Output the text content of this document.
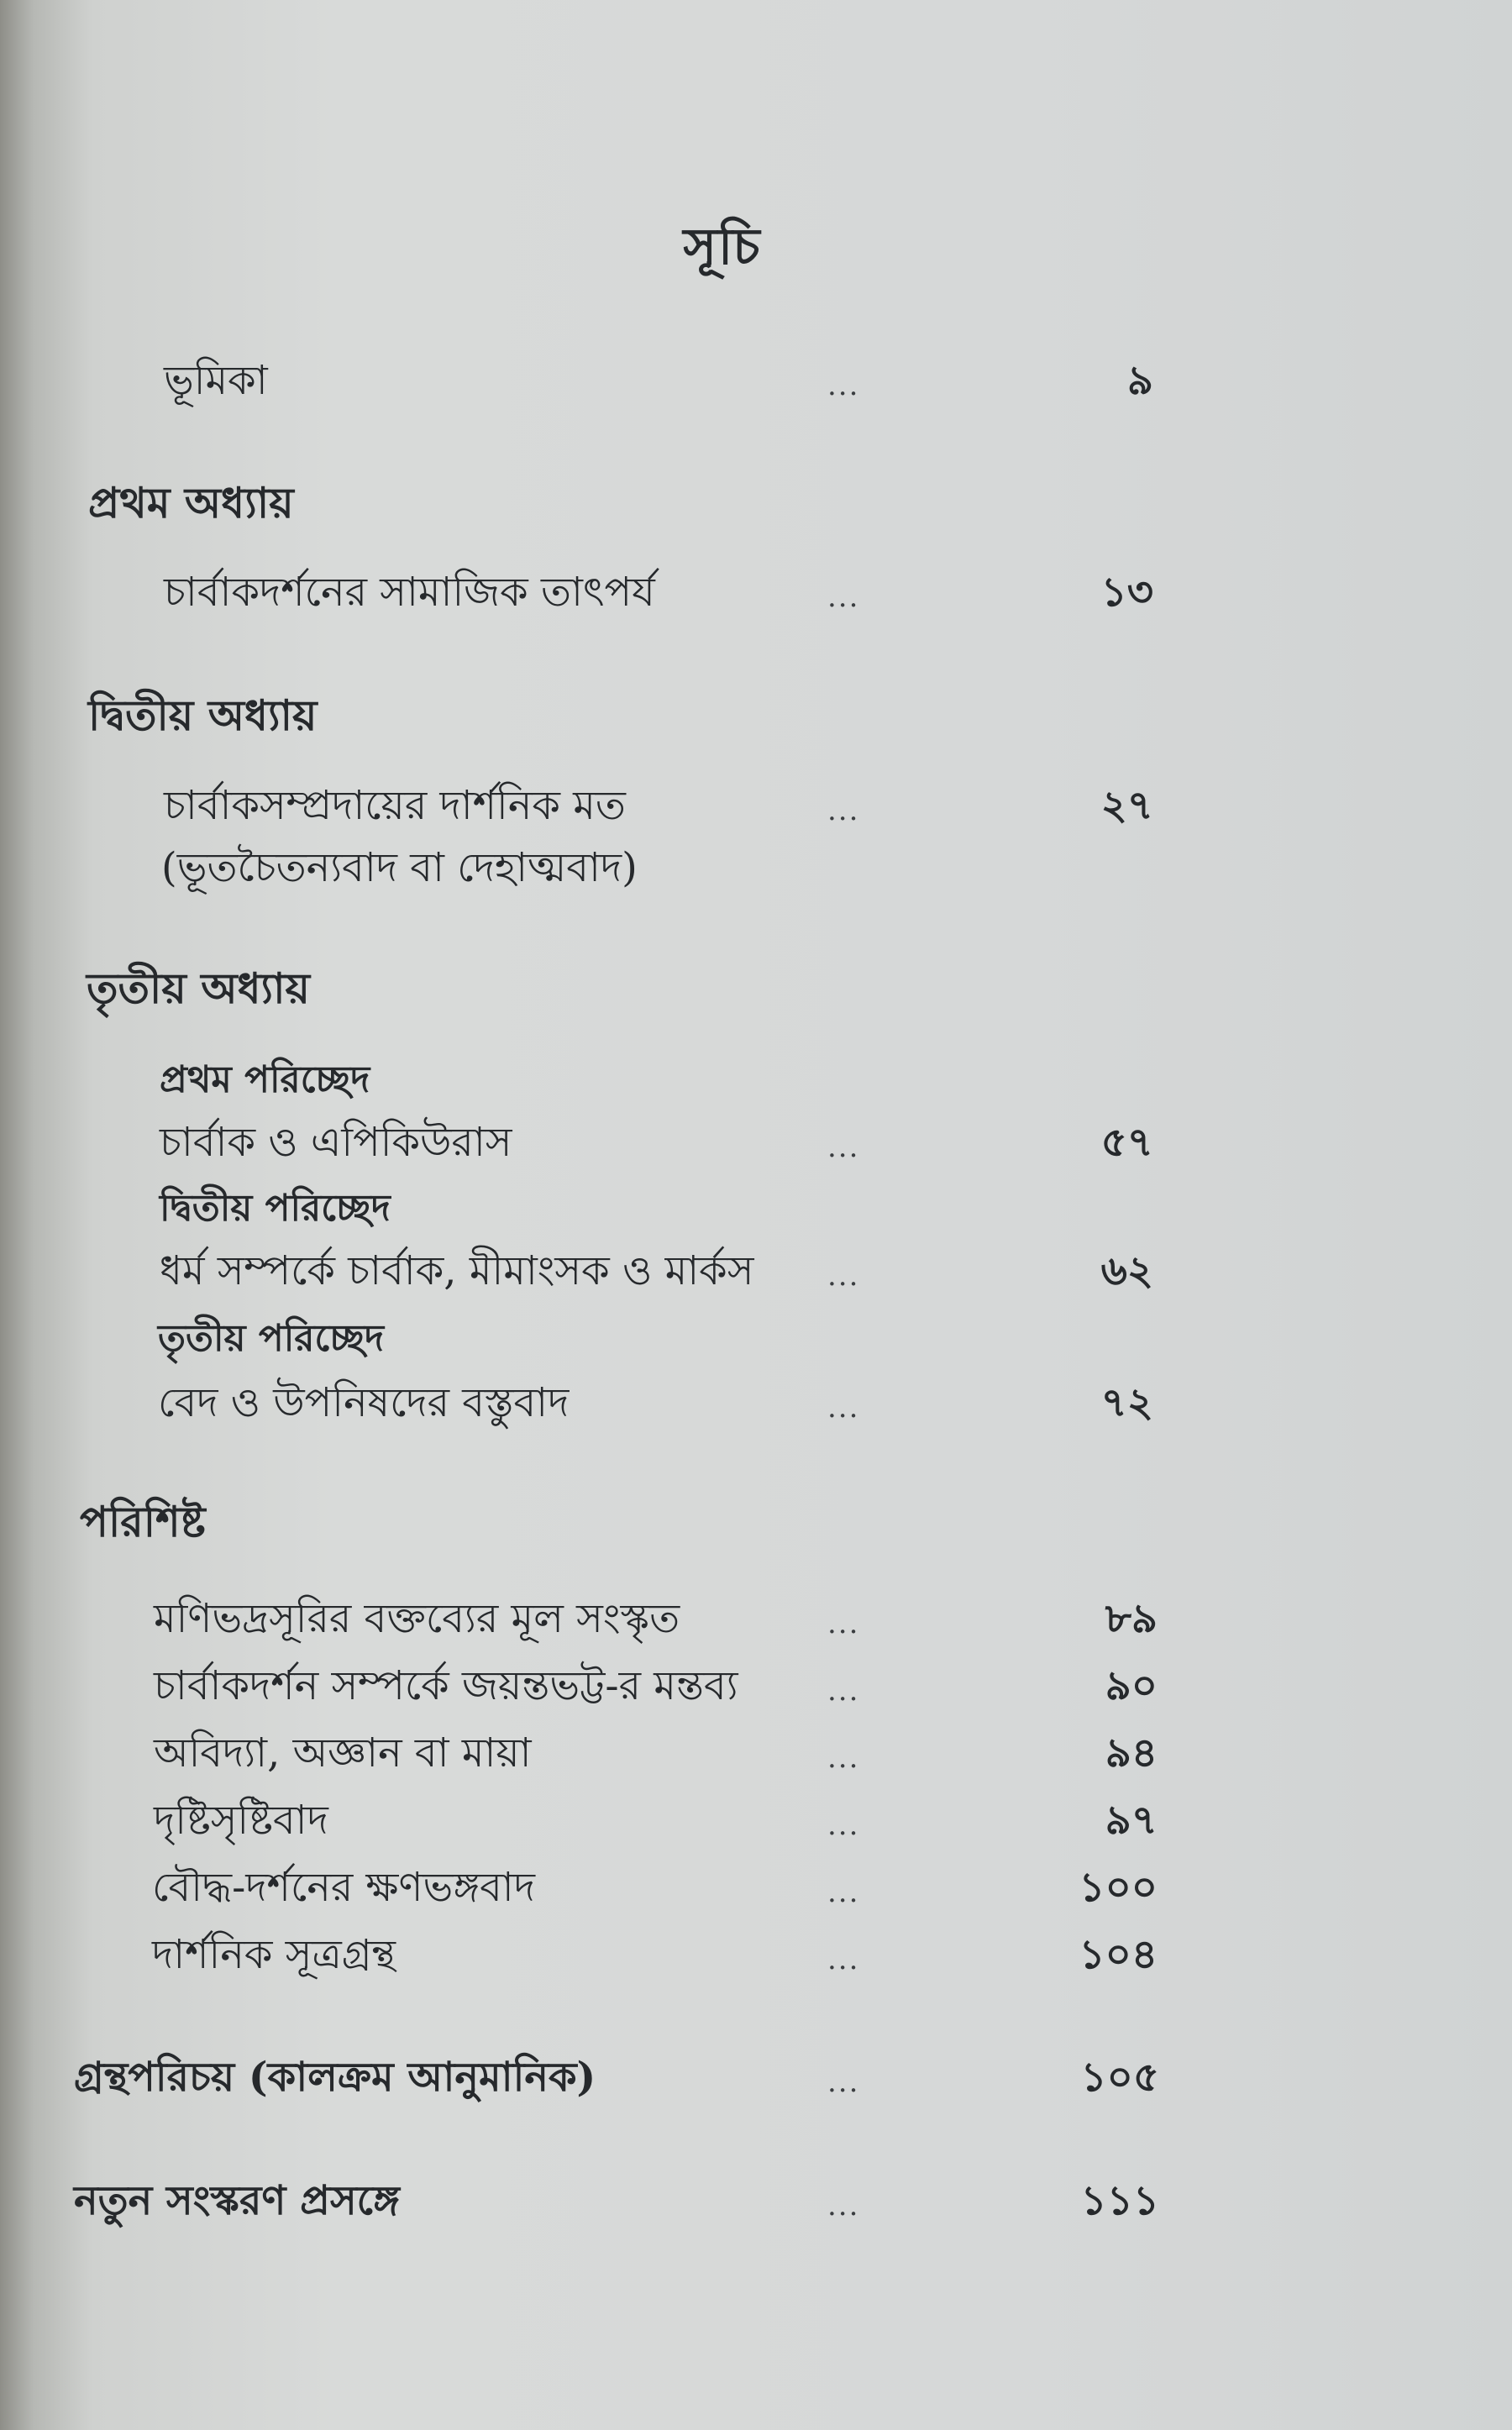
সূচি
ভূমিকা	...	৯
প্রথম অধ্যায়
চার্বাকদর্শনের সামাজিক তাৎপর্য	...	১৩
দ্বিতীয় অধ্যায়
চার্বাকসম্প্রদায়ের দার্শনিক মত	...	২৭
(ভূতচৈতন্যবাদ বা দেহাত্মবাদ)
তৃতীয় অধ্যায়
প্রথম পরিচ্ছেদ
চার্বাক ও এপিকিউরাস	...	৫৭
দ্বিতীয় পরিচ্ছেদ
ধর্ম সম্পর্কে চার্বাক, মীমাংসক ও মার্কস	...	৬২
তৃতীয় পরিচ্ছেদ
বেদ ও উপনিষদের বস্তুবাদ	...	৭২
পরিশিষ্ট
মণিভদ্রসূরির বক্তব্যের মূল সংস্কৃত	...	৮৯
চার্বাকদর্শন সম্পর্কে জয়ন্তভট্ট-র মন্তব্য	...	৯০
অবিদ্যা, অজ্ঞান বা মায়া	...	৯৪
দৃষ্টিসৃষ্টিবাদ	...	৯৭
বৌদ্ধ-দর্শনের ক্ষণভঙ্গবাদ	...	১০০
দার্শনিক সূত্রগ্রন্থ	...	১০৪
গ্রন্থপরিচয় (কালক্রম আনুমানিক)	...	১০৫
নতুন সংস্করণ প্রসঙ্গে	...	১১১
